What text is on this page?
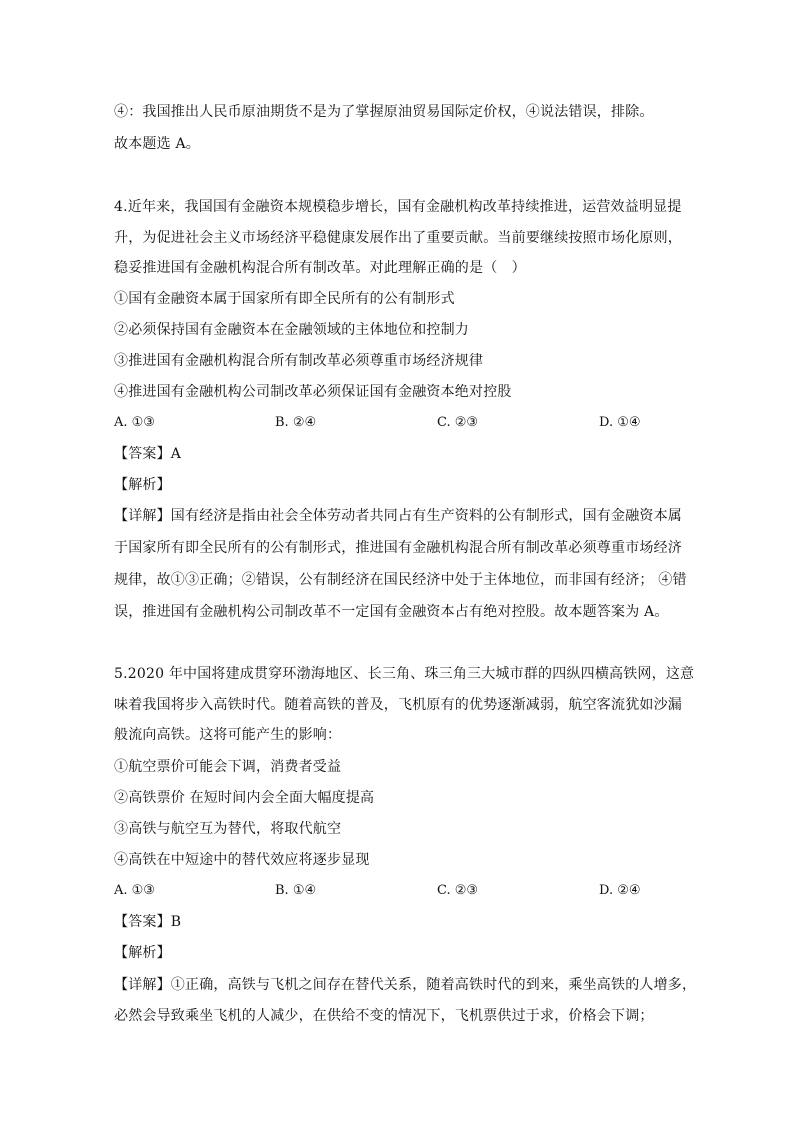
④：我国推出人民币原油期货不是为了掌握原油贸易国际定价权，④说法错误，排除。
故本题选 A。
4.近年来，我国国有金融资本规模稳步增长，国有金融机构改革持续推进，运营效益明显提
升，为促进社会主义市场经济平稳健康发展作出了重要贡献。当前要继续按照市场化原则，
稳妥推进国有金融机构混合所有制改革。对此理解正确的是（　）
①国有金融资本属于国家所有即全民所有的公有制形式
②必须保持国有金融资本在金融领域的主体地位和控制力
③推进国有金融机构混合所有制改革必须尊重市场经济规律
④推进国有金融机构公司制改革必须保证国有金融资本绝对控股
A. ①③	B. ②④	C. ②③	D. ①④
【答案】A
【解析】
【详解】国有经济是指由社会全体劳动者共同占有生产资料的公有制形式，国有金融资本属
于国家所有即全民所有的公有制形式，推进国有金融机构混合所有制改革必须尊重市场经济
规律，故①③正确；②错误，公有制经济在国民经济中处于主体地位，而非国有经济； ④错
误，推进国有金融机构公司制改革不一定国有金融资本占有绝对控股。故本题答案为 A。
5.2020 年中国将建成贯穿环渤海地区、长三角、珠三角三大城市群的四纵四横高铁网，这意
味着我国将步入高铁时代。随着高铁的普及，飞机原有的优势逐渐减弱，航空客流犹如沙漏
般流向高铁。这将可能产生的影响：
①航空票价可能会下调，消费者受益
②高铁票价 在短时间内会全面大幅度提高
③高铁与航空互为替代，将取代航空
④高铁在中短途中的替代效应将逐步显现
A. ①③	B. ①④	C. ②③	D. ②④
【答案】B
【解析】
【详解】①正确，高铁与飞机之间存在替代关系，随着高铁时代的到来，乘坐高铁的人增多，
必然会导致乘坐飞机的人减少，在供给不变的情况下，飞机票供过于求，价格会下调；
